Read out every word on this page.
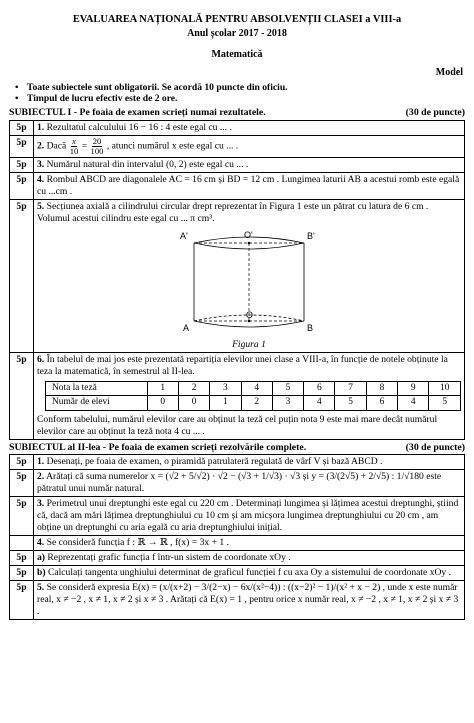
EVALUAREA NAȚIONALĂ PENTRU ABSOLVENȚII CLASEI a VIII-a
Anul școlar 2017 - 2018
Matematică
Model
• Toate subiectele sunt obligatorii. Se acordă 10 puncte din oficiu.
• Timpul de lucru efectiv este de 2 ore.
SUBIECTUL I - Pe foaia de examen scrieți numai rezultatele.	(30 de puncte)
5p	1. Rezultatul calculului 16 − 16 : 4 este egal cu ... .
5p	2. Dacă $\frac{x}{10} = \frac{20}{100}$ , atunci numărul x este egal cu ... .
5p	3. Numărul natural din intervalul (0, 2) este egal cu ... .
5p	4. Rombul ABCD are diagonalele AC = 16 cm și BD = 12 cm . Lungimea laturii AB a acestui romb este egală cu ...cm .
5p	5. Secțiunea axială a cilindrului circular drept reprezentat în Figura 1 este un pătrat cu latura de 6 cm . Volumul acestui cilindru este egal cu ... π cm³.
A'	O'	B'
A
O
B
Figura 1

5p	6. În tabelul de mai jos este prezentată repartiția elevilor unei clase a VIII-a, în funcție de notele obținute la teza la matematică, în semestrul al II-lea.
Nota la teză	1	2	3	4	5	6	7	8	9	10
Număr de elevi	0	0	1	2	3	4	5	6	4	5
Conform tabelului, numărul elevilor care au obținut la teză cel puțin nota 9 este mai mare decât numărul elevilor care au obținut la teză nota 4 cu ... .
SUBIECTUL al II-lea - Pe foaia de examen scrieți rezolvările complete.	(30 de puncte)
5p	1. Desenați, pe foaia de examen, o piramidă patrulateră regulată de vârf V și bază ABCD .
5p	2. Arătați că suma numerelor x = (√2 + 5/√2) · √2 − (√3 + 1/√3) · √3 și y = (3/(2√5) + 2/√5) : 1/√180 este pătratul unui număr natural.
5p	3. Perimetrul unui dreptunghi este egal cu 220 cm . Determinați lungimea și lățimea acestui dreptunghi, știind că, dacă am mări lățimea dreptunghiului cu 10 cm și am micșora lungimea dreptunghiului cu 20 cm , am obține un dreptunghi cu aria egală cu aria dreptunghiului inițial.
	4. Se consideră funcția f : ℝ → ℝ , f(x) = 3x + 1 .
5p	a) Reprezentați grafic funcția f într-un sistem de coordonate xOy .
5p	b) Calculați tangenta unghiului determinat de graficul funcției f cu axa Oy a sistemului de coordonate xOy .
5p	5. Se consideră expresia E(x) = (x/(x+2) − 3/(2−x) − 6x/(x²−4)) : ((x−2)² − 1)/(x² + x − 2) , unde x este număr real, x ≠ −2 , x ≠ 1, x ≠ 2 și x ≠ 3 . Arătați că E(x) = 1 , pentru orice x număr real, x ≠ −2 , x ≠ 1, x ≠ 2 și x ≠ 3 .
